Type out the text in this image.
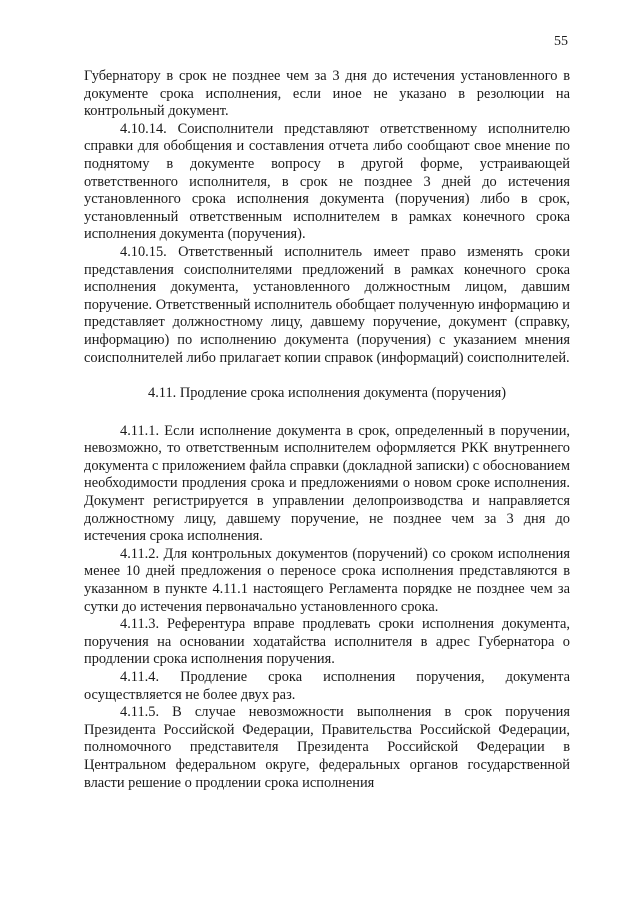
55

Губернатору в срок не позднее чем за 3 дня до истечения установленного в документе срока исполнения, если иное не указано в резолюции на контрольный документ.

4.10.14. Соисполнители представляют ответственному исполнителю справки для обобщения и составления отчета либо сообщают свое мнение по поднятому в документе вопросу в другой форме, устраивающей ответственного исполнителя, в срок не позднее 3 дней до истечения установленного срока исполнения документа (поручения) либо в срок, установленный ответственным исполнителем в рамках конечного срока исполнения документа (поручения).

4.10.15. Ответственный исполнитель имеет право изменять сроки представления соисполнителями предложений в рамках конечного срока исполнения документа, установленного должностным лицом, давшим поручение. Ответственный исполнитель обобщает полученную информацию и представляет должностному лицу, давшему поручение, документ (справку, информацию) по исполнению документа (поручения) с указанием мнения соисполнителей либо прилагает копии справок (информаций) соисполнителей.

4.11. Продление срока исполнения документа (поручения)

4.11.1. Если исполнение документа в срок, определенный в поручении, невозможно, то ответственным исполнителем оформляется РКК внутреннего документа с приложением файла справки (докладной записки) с обоснованием необходимости продления срока и предложениями о новом сроке исполнения. Документ регистрируется в управлении делопроизводства и направляется должностному лицу, давшему поручение, не позднее чем за 3 дня до истечения срока исполнения.

4.11.2. Для контрольных документов (поручений) со сроком исполнения менее 10 дней предложения о переносе срока исполнения представляются в указанном в пункте 4.11.1 настоящего Регламента порядке не позднее чем за сутки до истечения первоначально установленного срока.

4.11.3. Референтура вправе продлевать сроки исполнения документа, поручения на основании ходатайства исполнителя в адрес Губернатора о продлении срока исполнения поручения.

4.11.4. Продление срока исполнения поручения, документа осуществляется не более двух раз.

4.11.5. В случае невозможности выполнения в срок поручения Президента Российской Федерации, Правительства Российской Федерации, полномочного представителя Президента Российской Федерации в Центральном федеральном округе, федеральных органов государственной власти решение о продлении срока исполнения
